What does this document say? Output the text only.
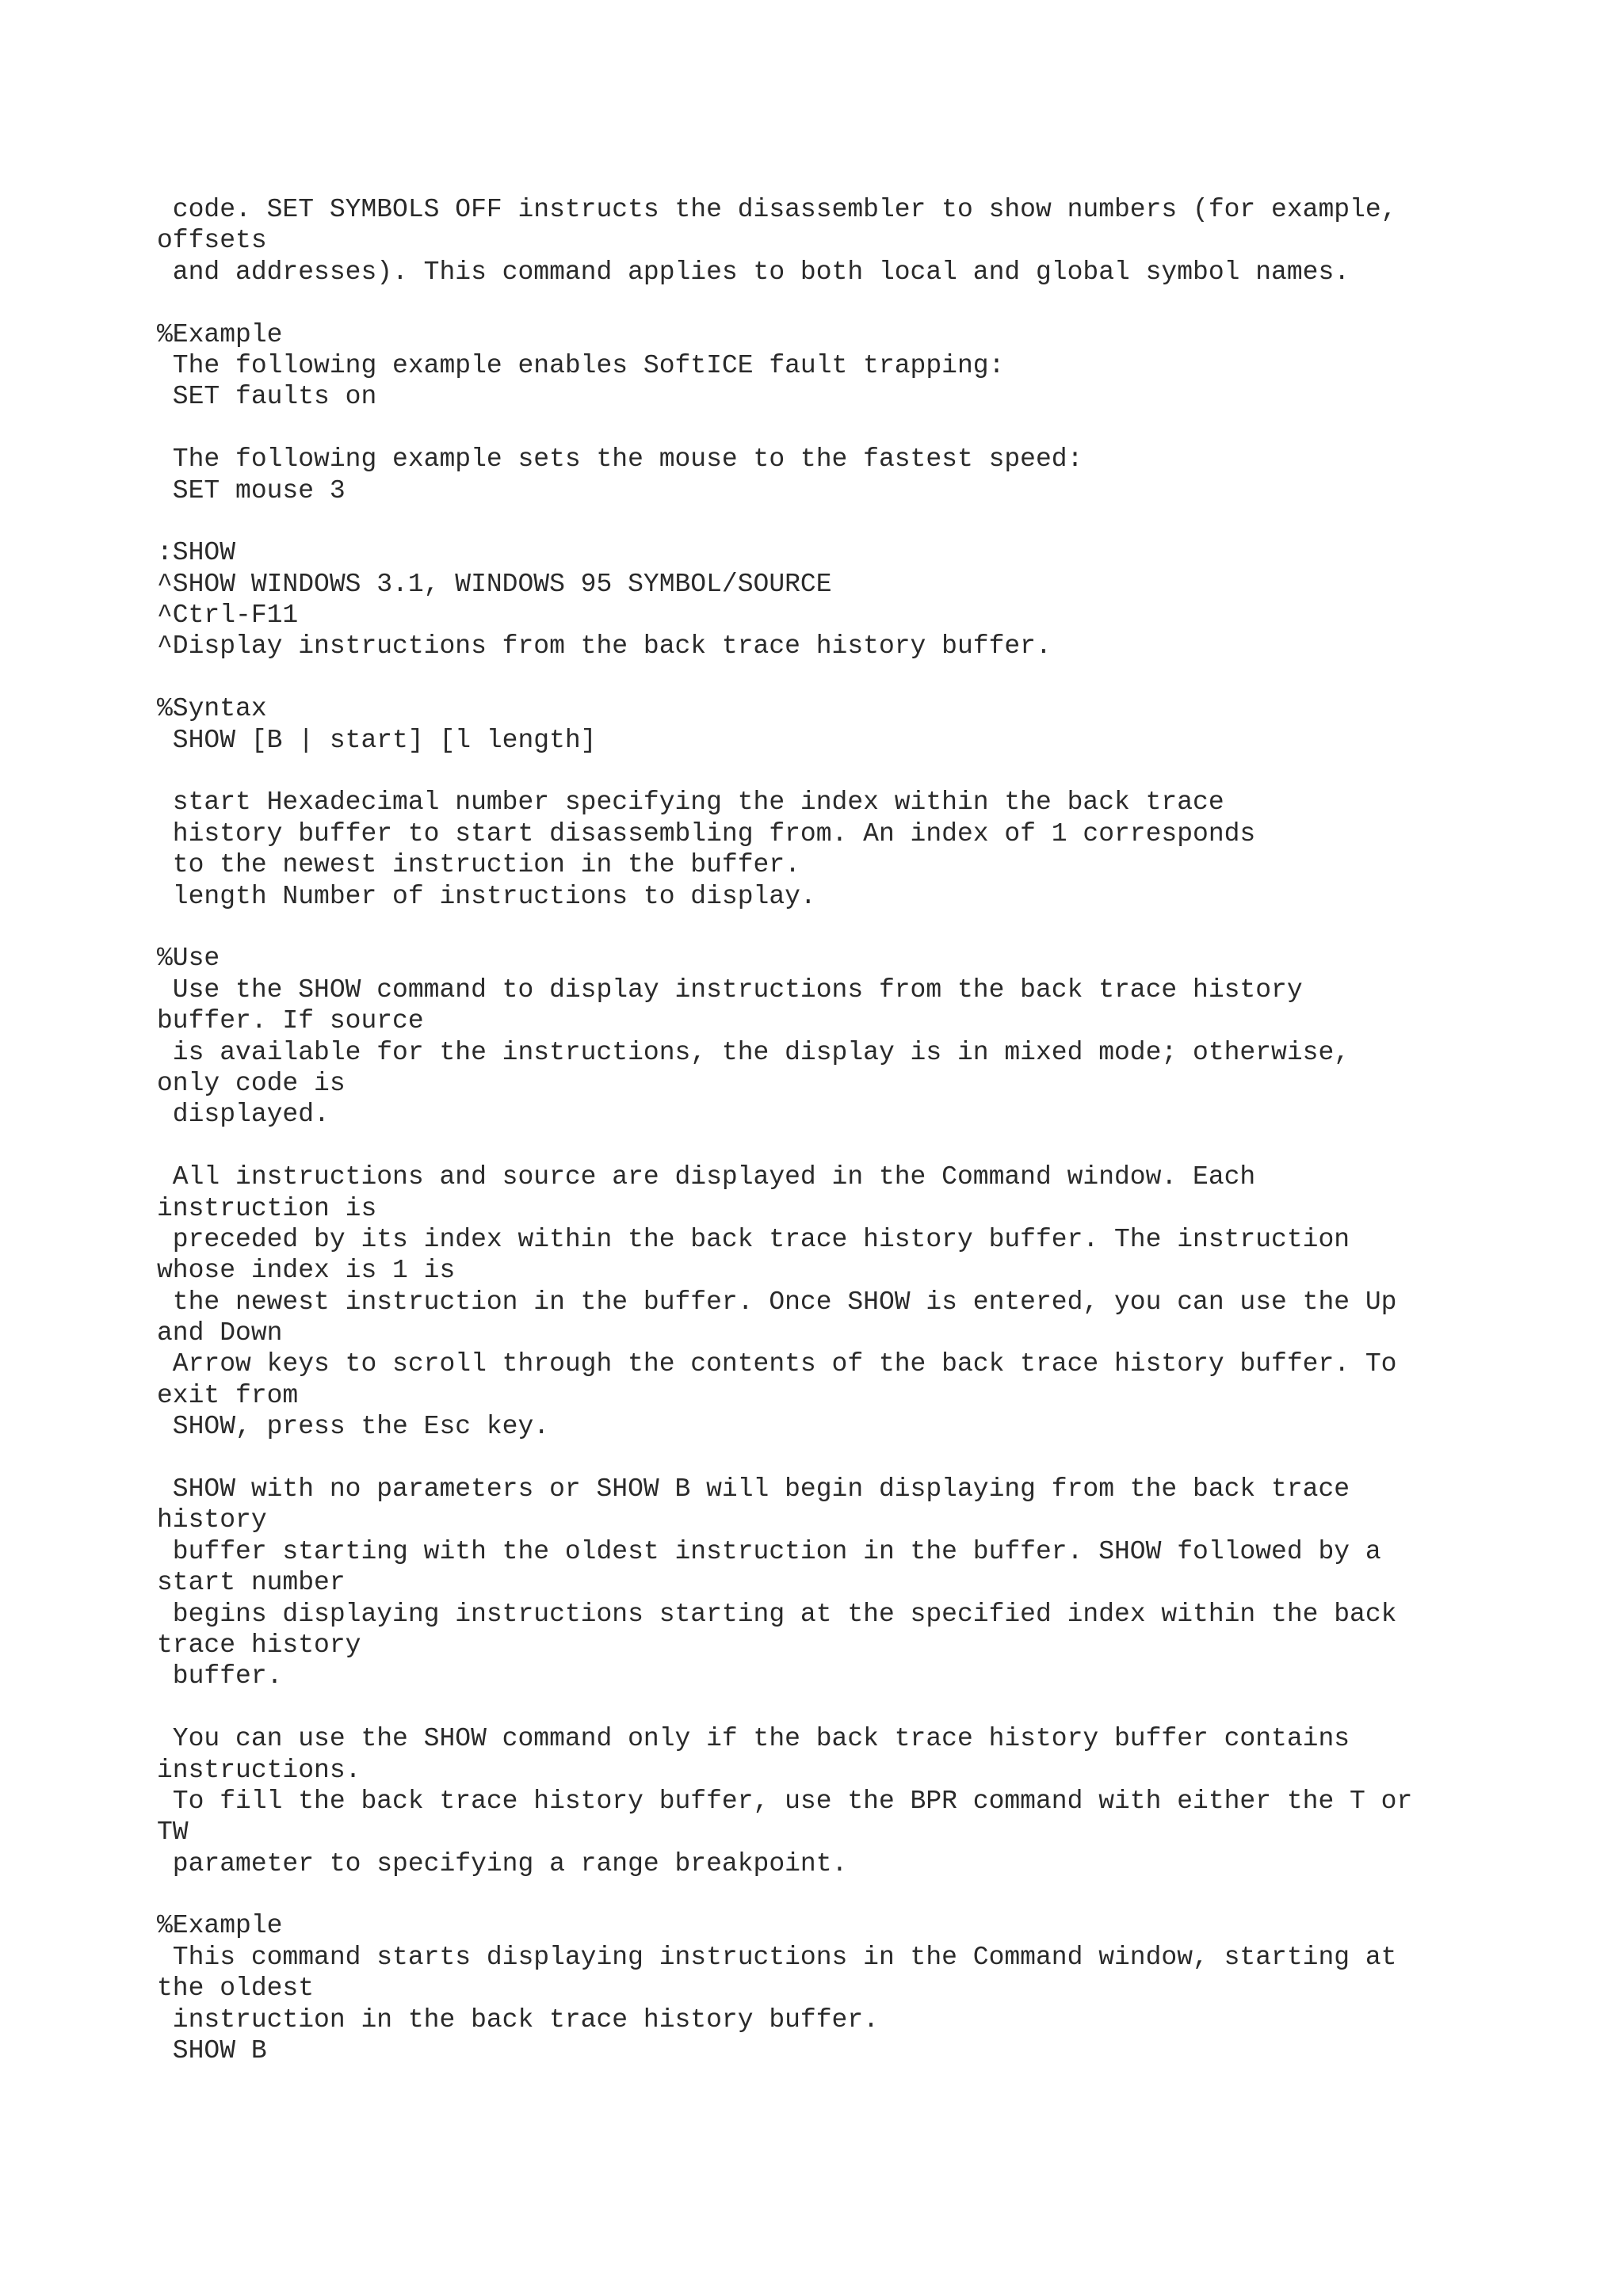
code. SET SYMBOLS OFF instructs the disassembler to show numbers (for example,
offsets
and addresses). This command applies to both local and global symbol names.
%Example
The following example enables SoftICE fault trapping:
SET faults on
The following example sets the mouse to the fastest speed:
SET mouse 3
:SHOW
^SHOW WINDOWS 3.1, WINDOWS 95 SYMBOL/SOURCE
^Ctrl-F11
^Display instructions from the back trace history buffer.
%Syntax
SHOW [B | start] [l length]
start Hexadecimal number specifying the index within the back trace
history buffer to start disassembling from. An index of 1 corresponds
to the newest instruction in the buffer.
length Number of instructions to display.
%Use
Use the SHOW command to display instructions from the back trace history
buffer. If source
is available for the instructions, the display is in mixed mode; otherwise,
only code is
displayed.
All instructions and source are displayed in the Command window. Each
instruction is
preceded by its index within the back trace history buffer. The instruction
whose index is 1 is
the newest instruction in the buffer. Once SHOW is entered, you can use the Up
and Down
Arrow keys to scroll through the contents of the back trace history buffer. To
exit from
SHOW, press the Esc key.
SHOW with no parameters or SHOW B will begin displaying from the back trace
history
buffer starting with the oldest instruction in the buffer. SHOW followed by a
start number
begins displaying instructions starting at the specified index within the back
trace history
buffer.
You can use the SHOW command only if the back trace history buffer contains
instructions.
To fill the back trace history buffer, use the BPR command with either the T or
TW
parameter to specifying a range breakpoint.
%Example
This command starts displaying instructions in the Command window, starting at
the oldest
instruction in the back trace history buffer.
SHOW B
